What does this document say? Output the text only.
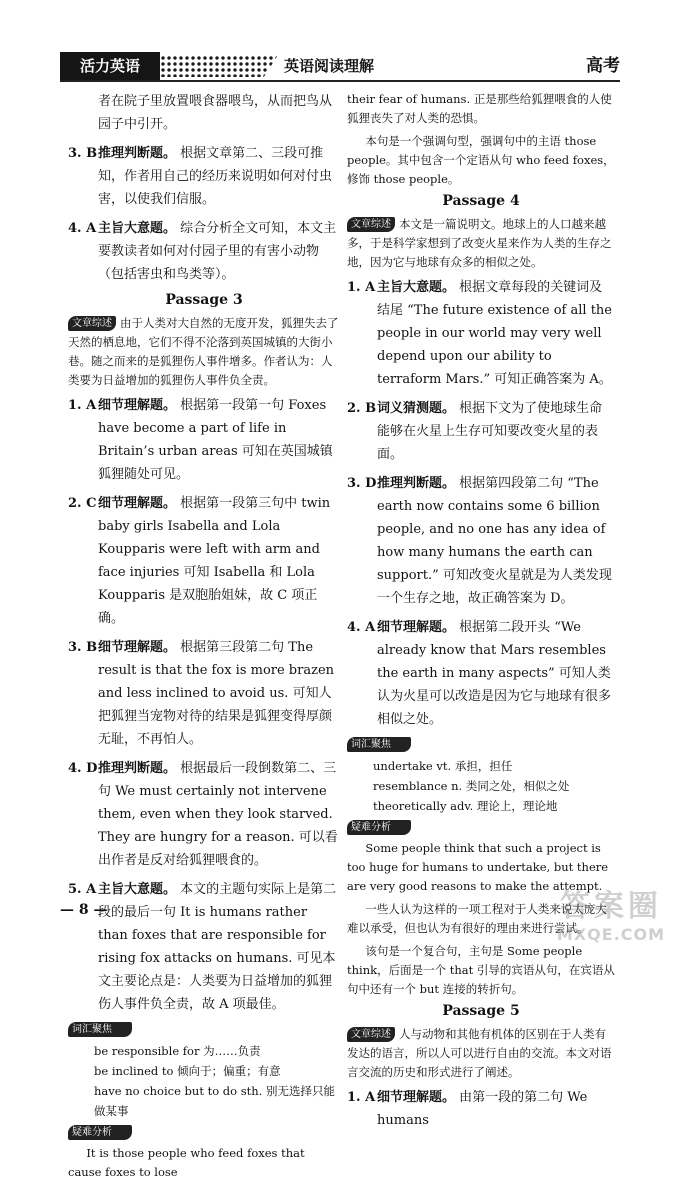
活力英语	英语阅读理解	高考

者在院子里放置喂食器喂鸟，从而把鸟从园子中引开。

3. B 推理判断题。 根据文章第二、三段可推知，作者用自己的经历来说明如何对付虫害，以使我们信服。
4. A 主旨大意题。 综合分析全文可知，本文主要教读者如何对付园子里的有害小动物（包括害虫和鸟类等）。
Passage 3

文章综述 由于人类对大自然的无度开发，狐狸失去了天然的栖息地，它们不得不沦落到英国城镇的大街小巷。随之而来的是狐狸伤人事件增多。作者认为：人类要为日益增加的狐狸伤人事件负全责。

1. A 细节理解题。 根据第一段第一句 Foxes have become a part of life in Britain’s urban areas 可知在英国城镇狐狸随处可见。
2. C 细节理解题。 根据第一段第三句中 twin baby girls Isabella and Lola Koupparis were left with arm and face injuries 可知 Isabella 和 Lola Koupparis 是双胞胎姐妹，故 C 项正确。
3. B 细节理解题。 根据第三段第二句 The result is that the fox is more brazen and less inclined to avoid us. 可知人把狐狸当宠物对待的结果是狐狸变得厚颜无耻，不再怕人。
4. D 推理判断题。 根据最后一段倒数第二、三句 We must certainly not intervene them, even when they look starved. They are hungry for a reason. 可以看出作者是反对给狐狸喂食的。
5. A 主旨大意题。 本文的主题句实际上是第二段的最后一句 It is humans rather than foxes that are responsible for rising fox attacks on humans. 可见本文主要论点是：人类要为日益增加的狐狸伤人事件负全责，故 A 项最佳。
词汇聚焦

be responsible for 为……负责

be inclined to 倾向于；偏重；有意

have no choice but to do sth. 别无选择只能做某事

疑难分析

It is those people who feed foxes that cause foxes to lose

their fear of humans. 正是那些给狐狸喂食的人使狐狸丧失了对人类的恐惧。

本句是一个强调句型，强调句中的主语 those people。其中包含一个定语从句 who feed foxes，修饰 those people。

Passage 4

文章综述 本文是一篇说明文。地球上的人口越来越多，于是科学家想到了改变火星来作为人类的生存之地，因为它与地球有众多的相似之处。

1. A 主旨大意题。 根据文章每段的关键词及结尾 “The future existence of all the people in our world may very well depend upon our ability to terraform Mars.” 可知正确答案为 A。
2. B 词义猜测题。 根据下文为了使地球生命能够在火星上生存可知要改变火星的表面。
3. D 推理判断题。 根据第四段第二句 “The earth now contains some 6 billion people, and no one has any idea of how many humans the earth can support.” 可知改变火星就是为人类发现一个生存之地，故正确答案为 D。
4. A 细节理解题。 根据第二段开头 “We already know that Mars resembles the earth in many aspects” 可知人类认为火星可以改造是因为它与地球有很多相似之处。
词汇聚焦

undertake vt. 承担，担任

resemblance n. 类同之处，相似之处

theoretically adv. 理论上，理论地

疑难分析

Some people think that such a project is too huge for humans to undertake, but there are very good reasons to make the attempt.

一些人认为这样的一项工程对于人类来说太庞大难以承受，但也认为有很好的理由来进行尝试。

该句是一个复合句，主句是 Some people think，后面是一个 that 引导的宾语从句，在宾语从句中还有一个 but 连接的转折句。

Passage 5

文章综述 人与动物和其他有机体的区别在于人类有发达的语言，所以人可以进行自由的交流。本文对语言交流的历史和形式进行了阐述。

1. A 细节理解题。 由第一段的第二句 We humans
— 8 —	答案圈
MXQE.COM
